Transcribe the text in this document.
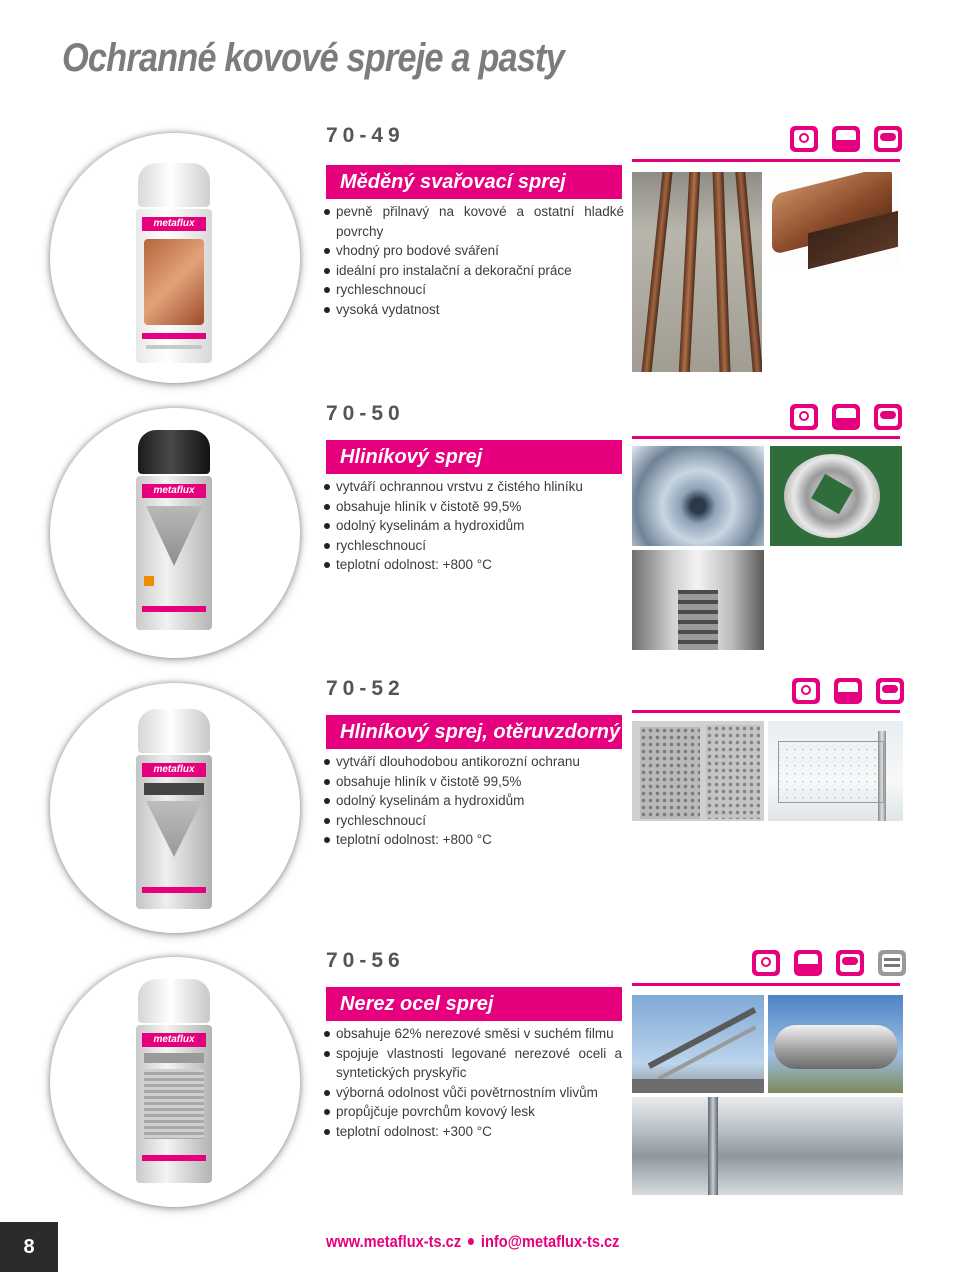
Ochranné kovové spreje a pasty
metaflux
70-49
Měděný svařovací sprej
pevně přilnavý na kovové a ostatní hladké povrchy
vhodný pro bodové sváření
ideální pro instalační a dekorační práce
rychleschnoucí
vysoká vydatnost
metaflux
70-50
Hliníkový sprej
vytváří ochrannou vrstvu z čistého hliníku
obsahuje hliník v čistotě 99,5%
odolný kyselinám a hydroxidům
rychleschnoucí
teplotní odolnost: +800 °C
metaflux
70-52
Hliníkový sprej, otěruvzdorný
vytváří dlouhodobou antikorozní ochranu
obsahuje hliník v čistotě 99,5%
odolný kyselinám a hydroxidům
rychleschnoucí
teplotní odolnost: +800 °C
metaflux
70-56
Nerez ocel sprej
obsahuje 62% nerezové směsi v suchém filmu
spojuje vlastnosti legované nerezové oceli a syntetických pryskyřic
výborná odolnost vůči povětrnostním vlivům
propůjčuje povrchům kovový lesk
teplotní odolnost: +300 °C
8	www.metaflux-ts.cz info@metaflux-ts.cz
